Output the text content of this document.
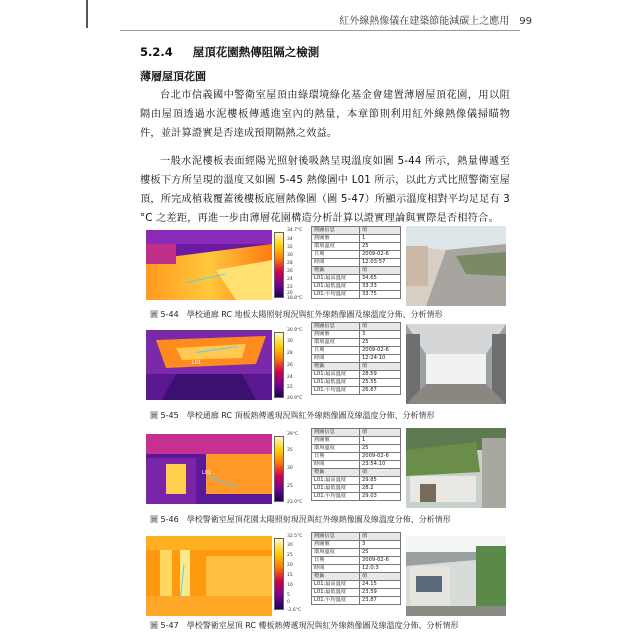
紅外線熱像儀在建築節能減碳上之應用 99
5.2.4 屋頂花園熱傳阻隔之檢測
薄層屋頂花園

台北市信義國中警衛室屋頂由綠環境綠化基金會建置薄層屋頂花園，用以阻隔由屋頂透過水泥樓板傳遞進室內的熱量，本章節則利用紅外線熱像儀掃瞄物件，並計算證實是否達成預期隔熱之效益。

一般水泥樓板表面經陽光照射後吸熱呈現溫度如圖 5-44 所示，熱量傳遞至樓板下方所呈現的溫度又如圖 5-45 熱像圖中 L01 所示，以此方式比照警衛室屋頂，所完成植栽覆蓋後樓板底層熱像圖（圖 5-47）所顯示溫度相對平均足足有 3 °C 之差距，再進一步由薄層花園構造分析計算以證實理論與實際是否相符合。

34.7°C
34
32
30
28
26
24
22
20
18.8°C
熱圖信息	值
熱圖號	1
環境溫度	25
日期	2009-02-6
時間	12:03:57
標籤	值
L01:最高溫度	34.65
L01:最低溫度	33.33
L01:平均溫度	33.75
圖 5-44　學校通廊 RC 地板太陽照射現況與紅外線熱像圖及線溫度分佈、分析情形
L01
30.9°C
30
28
26
24
22
20.9°C
熱圖信息	值
熱圖號	3
環境溫度	25
日期	2009-02-6
時間	12:24:10
標籤	值
L01:最高溫度	28.59
L01:最低溫度	25.55
L01:平均溫度	26.87
圖 5-45　學校通廊 RC 頂板熱傳遞現況與紅外線熱像圖及線溫度分佈、分析情形
L01
39°C
35
30
25
23.0°C
熱圖信息	值
熱圖號	1
環境溫度	25
日期	2009-02-6
時間	23:54:10
標籤	值
L01:最高溫度	29.85
L01:最低溫度	28.2
L01:平均溫度	29.03
圖 5-46　學校警衛室屋頂花園太陽照射現況與紅外線熱像圖及線溫度分佈、分析情形
32.5°C
30
25
20
15
10
5
0
-2.6°C
熱圖信息	值
熱圖號	3
環境溫度	25
日期	2009-02-6
時間	12:0:3
標籤	值
L01:最高溫度	24.15
L01:最低溫度	23.59
L01:平均溫度	23.87
圖 5-47　學校警衛室屋頂 RC 樓板熱傳遞現況與紅外線熱像圖及線溫度分佈、分析情形
